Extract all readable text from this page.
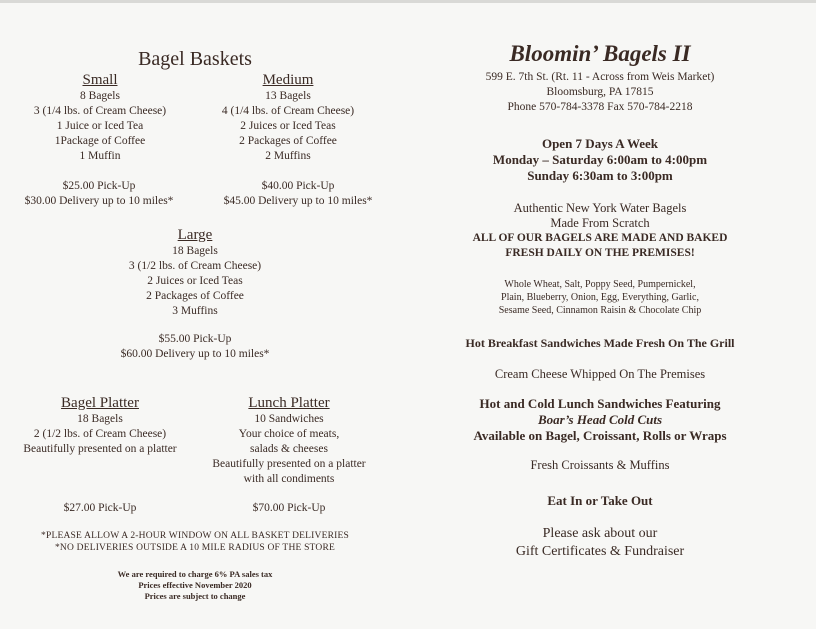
Bagel Baskets
Small
8 Bagels
3 (1/4 lbs. of Cream Cheese)
1 Juice or Iced Tea
1Package of Coffee
1 Muffin
$25.00 Pick-Up
$30.00 Delivery up to 10 miles*
Medium
13 Bagels
4 (1/4 lbs. of Cream Cheese)
2 Juices or Iced Teas
2 Packages of Coffee
2 Muffins
$40.00 Pick-Up
$45.00 Delivery up to 10 miles*
Large
18 Bagels
3 (1/2 lbs. of Cream Cheese)
2 Juices or Iced Teas
2 Packages of Coffee
3 Muffins
$55.00 Pick-Up
$60.00 Delivery up to 10 miles*
Bagel Platter
18 Bagels
2 (1/2 lbs. of Cream Cheese)
Beautifully presented on a platter
$27.00 Pick-Up
Lunch Platter
10 Sandwiches
Your choice of meats,
salads & cheeses
Beautifully presented on a platter
with all condiments
$70.00 Pick-Up
*PLEASE ALLOW A 2-HOUR WINDOW ON ALL BASKET DELIVERIES
*NO DELIVERIES OUTSIDE A 10 MILE RADIUS OF THE STORE
We are required to charge 6% PA sales tax
Prices effective November 2020
Prices are subject to change
Bloomin’ Bagels II
599 E. 7th St. (Rt. 11 - Across from Weis Market)
Bloomsburg, PA 17815
Phone 570-784-3378 Fax 570-784-2218
Open 7 Days A Week
Monday – Saturday 6:00am to 4:00pm
Sunday 6:30am to 3:00pm
Authentic New York Water Bagels
Made From Scratch
ALL OF OUR BAGELS ARE MADE AND BAKED
FRESH DAILY ON THE PREMISES!
Whole Wheat, Salt, Poppy Seed, Pumpernickel,
Plain, Blueberry, Onion, Egg, Everything, Garlic,
Sesame Seed, Cinnamon Raisin & Chocolate Chip
Hot Breakfast Sandwiches Made Fresh On The Grill
Cream Cheese Whipped On The Premises
Hot and Cold Lunch Sandwiches Featuring
Boar’s Head Cold Cuts
Available on Bagel, Croissant, Rolls or Wraps
Fresh Croissants & Muffins
Eat In or Take Out
Please ask about our
Gift Certificates & Fundraiser
